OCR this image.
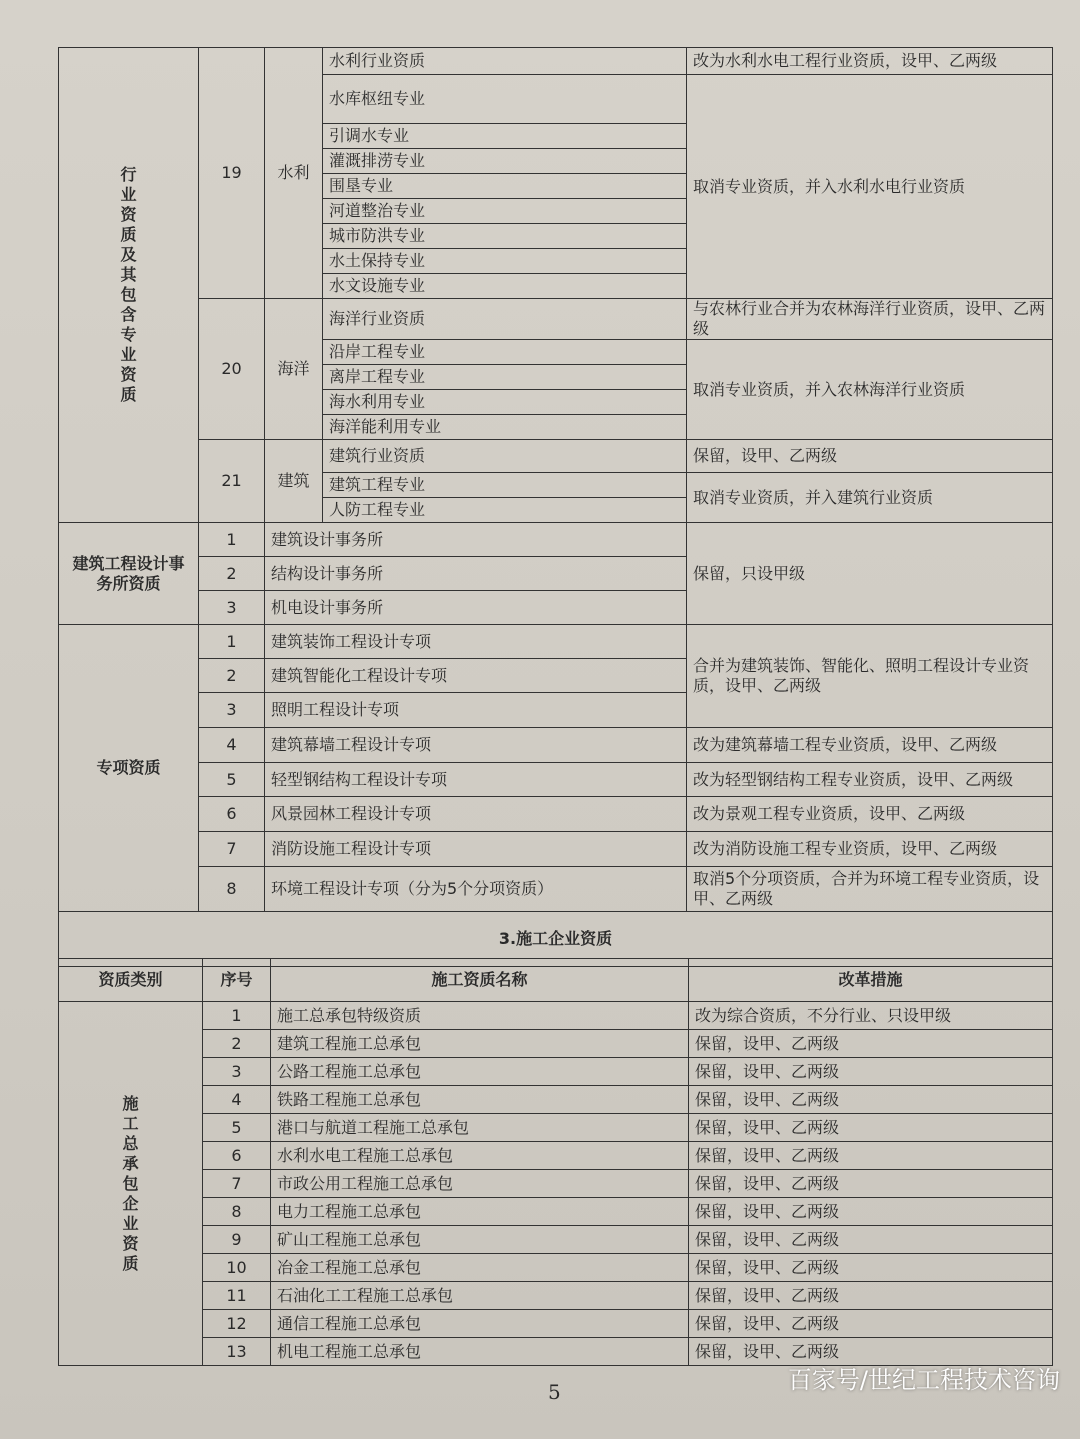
行业资质及其包含专业资质	19	水利	水利行业资质	改为水利水电工程行业资质，设甲、乙两级
			水库枢纽专业	取消专业资质，并入水利水电行业资质
			引调水专业	
			灌溉排涝专业	
			围垦专业	
			河道整治专业	
			城市防洪专业	
			水土保持专业	
			水文设施专业	
	20	海洋	海洋行业资质	与农林行业合并为农林海洋行业资质，设甲、乙两级
			沿岸工程专业	取消专业资质，并入农林海洋行业资质
			离岸工程专业	
			海水利用专业	
			海洋能利用专业	
	21	建筑	建筑行业资质	保留，设甲、乙两级
			建筑工程专业	取消专业资质，并入建筑行业资质
			人防工程专业	
建筑工程设计事务所资质	1	建筑设计事务所		保留，只设甲级
	2	结构设计事务所		
	3	机电设计事务所		
专项资质	1	建筑装饰工程设计专项		合并为建筑装饰、智能化、照明工程设计专业资质，设甲、乙两级
	2	建筑智能化工程设计专项		
	3	照明工程设计专项		
	4	建筑幕墙工程设计专项		改为建筑幕墙工程专业资质，设甲、乙两级
	5	轻型钢结构工程设计专项		改为轻型钢结构工程专业资质，设甲、乙两级
	6	风景园林工程设计专项		改为景观工程专业资质，设甲、乙两级
	7	消防设施工程设计专项		改为消防设施工程专业资质，设甲、乙两级
	8	环境工程设计专项（分为5个分项资质）		取消5个分项资质，合并为环境工程专业资质，设甲、乙两级
3.施工企业资质				
资质类别	序号	施工资质名称	改革措施
施工总承包企业资质	1	施工总承包特级资质	改为综合资质，不分行业、只设甲级
	2	建筑工程施工总承包	保留，设甲、乙两级
	3	公路工程施工总承包	保留，设甲、乙两级
	4	铁路工程施工总承包	保留，设甲、乙两级
	5	港口与航道工程施工总承包	保留，设甲、乙两级
	6	水利水电工程施工总承包	保留，设甲、乙两级
	7	市政公用工程施工总承包	保留，设甲、乙两级
	8	电力工程施工总承包	保留，设甲、乙两级
	9	矿山工程施工总承包	保留，设甲、乙两级
	10	冶金工程施工总承包	保留，设甲、乙两级
	11	石油化工工程施工总承包	保留，设甲、乙两级
	12	通信工程施工总承包	保留，设甲、乙两级
	13	机电工程施工总承包	保留，设甲、乙两级
5	百家号/世纪工程技术咨询
